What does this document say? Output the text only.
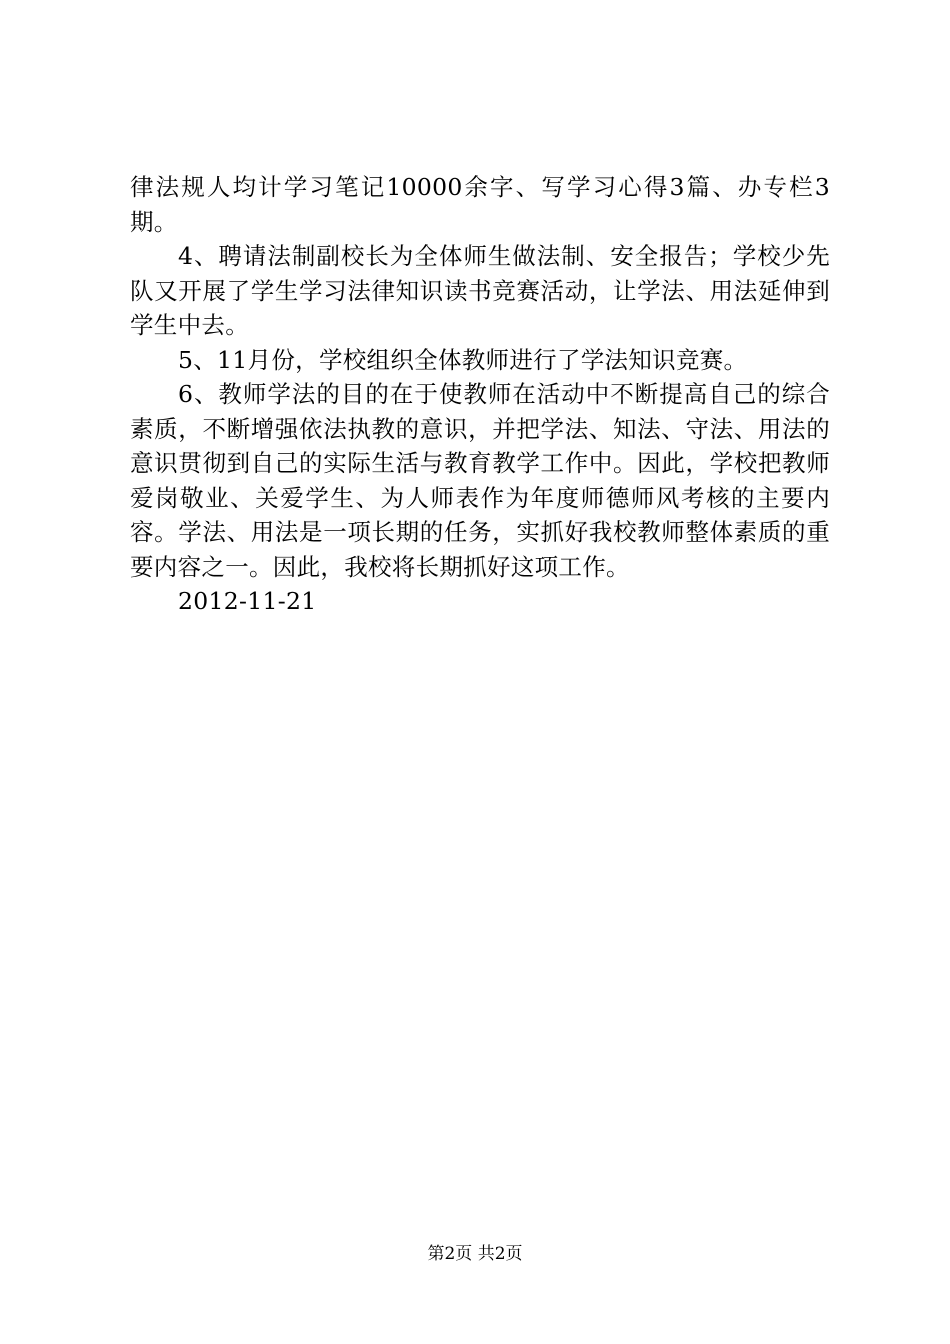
律法规人均计学习笔记10000余字、写学习心得3篇、办专栏3期。

4、聘请法制副校长为全体师生做法制、安全报告；学校少先队又开展了学生学习法律知识读书竞赛活动，让学法、用法延伸到学生中去。

5、11月份，学校组织全体教师进行了学法知识竞赛。

6、教师学法的目的在于使教师在活动中不断提高自己的综合素质，不断增强依法执教的意识，并把学法、知法、守法、用法的意识贯彻到自己的实际生活与教育教学工作中。因此，学校把教师爱岗敬业、关爱学生、为人师表作为年度师德师风考核的主要内容。学法、用法是一项长期的任务，实抓好我校教师整体素质的重要内容之一。因此，我校将长期抓好这项工作。

2012-11-21

第2页 共2页
